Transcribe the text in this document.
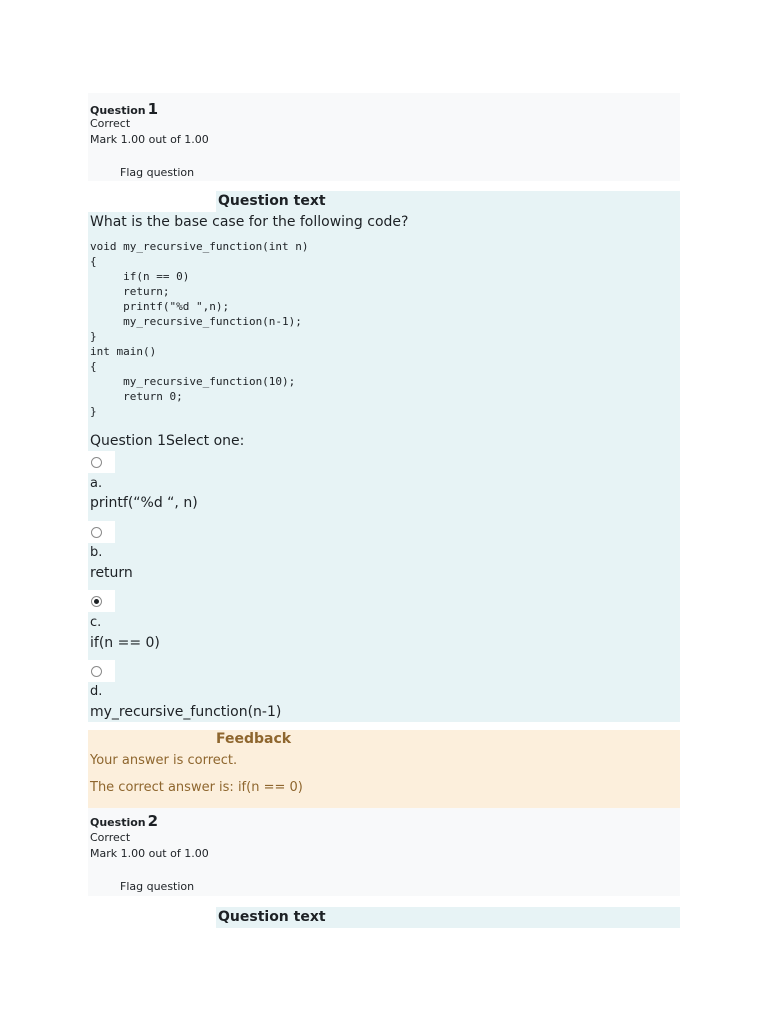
Question 1
Correct
Mark 1.00 out of 1.00
Flag question
Question text
What is the base case for the following code?
void my_recursive_function(int n)
{
if(n == 0)
return;
printf("%d ",n);
my_recursive_function(n-1);
}
int main()
{
my_recursive_function(10);
return 0;
}
Question 1Select one:
a.
printf(“%d “, n)
b.
return
c.
if(n == 0)
d.
my_recursive_function(n-1)
Feedback
Your answer is correct.
The correct answer is: if(n == 0)
Question 2
Correct
Mark 1.00 out of 1.00
Flag question
Question text
